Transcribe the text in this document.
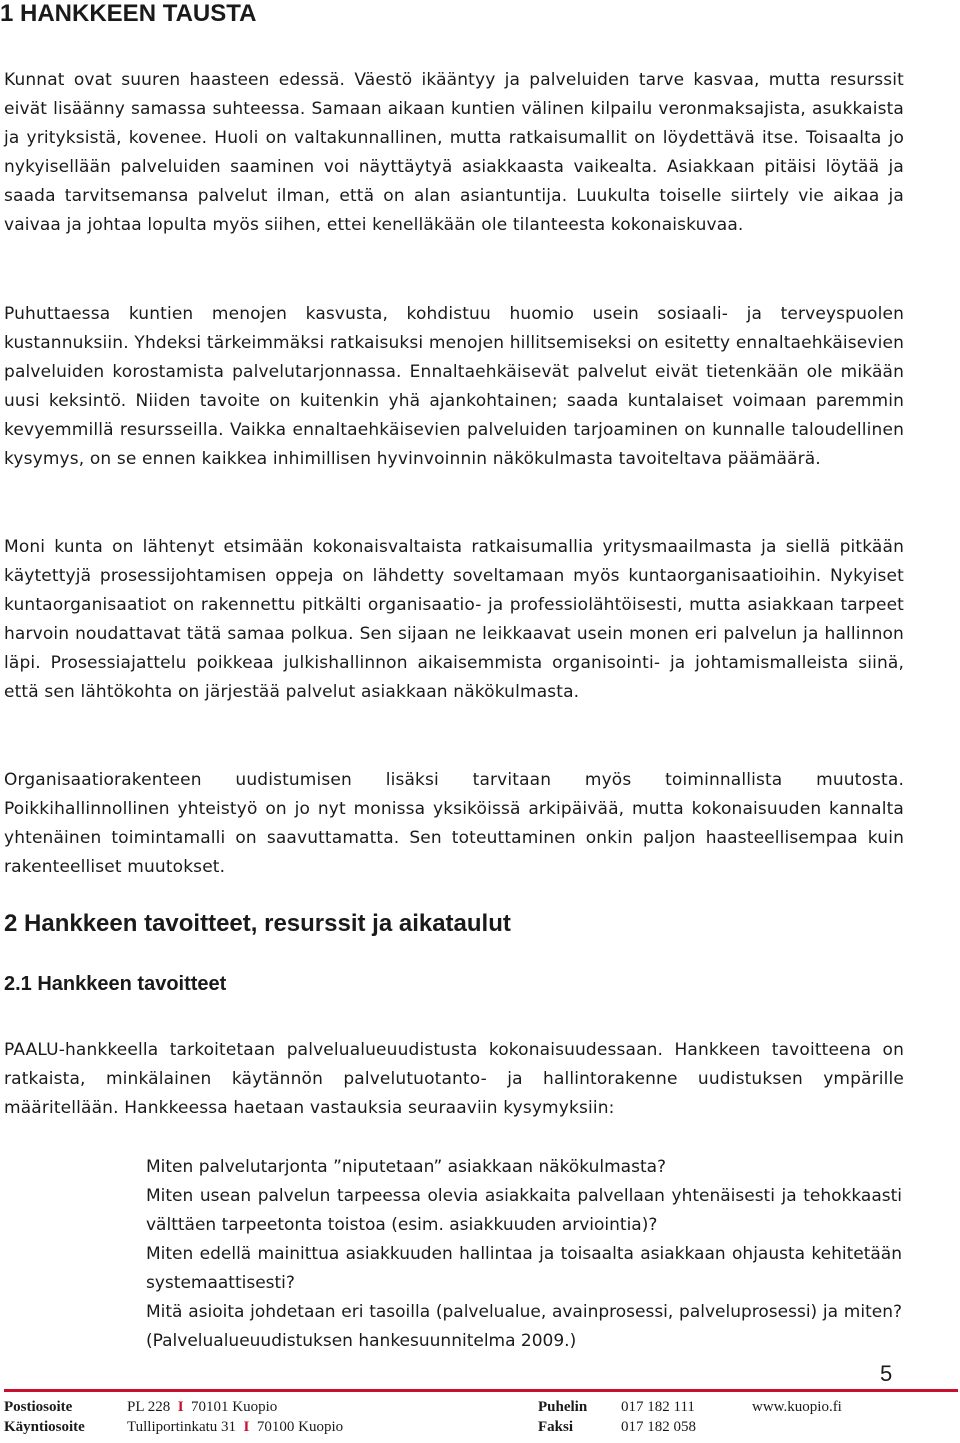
1 HANKKEEN TAUSTA

Kunnat ovat suuren haasteen edessä. Väestö ikääntyy ja palveluiden tarve kasvaa, mutta resurssit eivät lisäänny samassa suhteessa. Samaan aikaan kuntien välinen kilpailu veronmaksajista, asukkaista ja yrityksistä, kovenee. Huoli on valtakunnallinen, mutta ratkaisumallit on löydettävä itse. Toisaalta jo nykyisellään palveluiden saaminen voi näyttäytyä asiakkaasta vaikealta. Asiakkaan pitäisi löytää ja saada tarvitsemansa palvelut ilman, että on alan asiantuntija. Luukulta toiselle siirtely vie aikaa ja vaivaa ja johtaa lopulta myös siihen, ettei kenelläkään ole tilanteesta kokonaiskuvaa.

Puhuttaessa kuntien menojen kasvusta, kohdistuu huomio usein sosiaali- ja terveyspuolen kustannuksiin. Yhdeksi tärkeimmäksi ratkaisuksi menojen hillitsemiseksi on esitetty ennaltaehkäisevien palveluiden korostamista palvelutarjonnassa. Ennaltaehkäisevät palvelut eivät tietenkään ole mikään uusi keksintö. Niiden tavoite on kuitenkin yhä ajankohtainen; saada kuntalaiset voimaan paremmin kevyemmillä resursseilla. Vaikka ennaltaehkäisevien palveluiden tarjoaminen on kunnalle taloudellinen kysymys, on se ennen kaikkea inhimillisen hyvinvoinnin näkökulmasta tavoiteltava päämäärä.

Moni kunta on lähtenyt etsimään kokonaisvaltaista ratkaisumallia yritysmaailmasta ja siellä pitkään käytettyjä prosessijohtamisen oppeja on lähdetty soveltamaan myös kuntaorganisaatioihin. Nykyiset kuntaorganisaatiot on rakennettu pitkälti organisaatio- ja professiolähtöisesti, mutta asiakkaan tarpeet harvoin noudattavat tätä samaa polkua. Sen sijaan ne leikkaavat usein monen eri palvelun ja hallinnon läpi. Prosessiajattelu poikkeaa julkishallinnon aikaisemmista organisointi- ja johtamismalleista siinä, että sen lähtökohta on järjestää palvelut asiakkaan näkökulmasta.

Organisaatiorakenteen uudistumisen lisäksi tarvitaan myös toiminnallista muutosta. Poikkihallinnollinen yhteistyö on jo nyt monissa yksiköissä arkipäivää, mutta kokonaisuuden kannalta yhtenäinen toimintamalli on saavuttamatta. Sen toteuttaminen onkin paljon haasteellisempaa kuin rakenteelliset muutokset.

2 Hankkeen tavoitteet, resurssit ja aikataulut
2.1 Hankkeen tavoitteet

PAALU-hankkeella tarkoitetaan palvelualueuudistusta kokonaisuudessaan. Hankkeen tavoitteena on ratkaista, minkälainen käytännön palvelutuotanto- ja hallintorakenne uudistuksen ympärille määritellään. Hankkeessa haetaan vastauksia seuraaviin kysymyksiin:

Miten palvelutarjonta ”niputetaan” asiakkaan näkökulmasta?
Miten usean palvelun tarpeessa olevia asiakkaita palvellaan yhtenäisesti ja tehokkaasti välttäen tarpeetonta toistoa (esim. asiakkuuden arviointia)?
Miten edellä mainittua asiakkuuden hallintaa ja toisaalta asiakkaan ohjausta kehitetään systemaattisesti?
Mitä asioita johdetaan eri tasoilla (palvelualue, avainprosessi, palveluprosessi) ja miten? (Palvelualueuudistuksen hankesuunnitelma 2009.)
5
Postiosoite	PL 228 I 70101 Kuopio	Puhelin 017 182 111	www.kuopio.fi
Käyntiosoite	Tulliportinkatu 31 I 70100 Kuopio	Faksi	017 182 058
